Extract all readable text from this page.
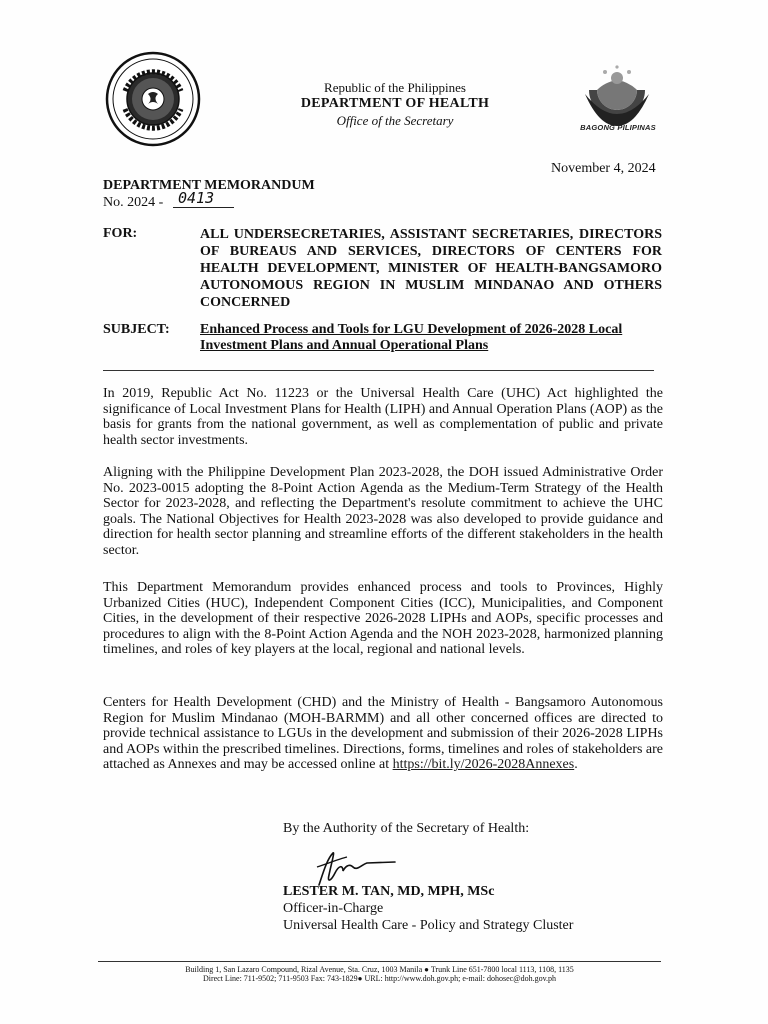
BAGONG PILIPINAS
Republic of the Philippines
DEPARTMENT OF HEALTH
Office of the Secretary
November 4, 2024
DEPARTMENT MEMORANDUM
No. 2024 - 0413
FOR:	ALL UNDERSECRETARIES, ASSISTANT SECRETARIES, DIRECTORS OF BUREAUS AND SERVICES, DIRECTORS OF CENTERS FOR HEALTH DEVELOPMENT, MINISTER OF HEALTH-BANGSAMORO AUTONOMOUS REGION IN MUSLIM MINDANAO AND OTHERS CONCERNED
SUBJECT: Enhanced Process and Tools for LGU Development of 2026-2028 Local Investment Plans and Annual Operational Plans
In 2019, Republic Act No. 11223 or the Universal Health Care (UHC) Act highlighted the significance of Local Investment Plans for Health (LIPH) and Annual Operation Plans (AOP) as the basis for grants from the national government, as well as complementation of public and private health sector investments.
Aligning with the Philippine Development Plan 2023-2028, the DOH issued Administrative Order No. 2023-0015 adopting the 8-Point Action Agenda as the Medium-Term Strategy of the Health Sector for 2023-2028, and reflecting the Department's resolute commitment to achieve the UHC goals. The National Objectives for Health 2023-2028 was also developed to provide guidance and direction for health sector planning and streamline efforts of the different stakeholders in the health sector.
This Department Memorandum provides enhanced process and tools to Provinces, Highly Urbanized Cities (HUC), Independent Component Cities (ICC), Municipalities, and Component Cities, in the development of their respective 2026-2028 LIPHs and AOPs, specific processes and procedures to align with the 8-Point Action Agenda and the NOH 2023-2028, harmonized planning timelines, and roles of key players at the local, regional and national levels.
Centers for Health Development (CHD) and the Ministry of Health - Bangsamoro Autonomous Region for Muslim Mindanao (MOH-BARMM) and all other concerned offices are directed to provide technical assistance to LGUs in the development and submission of their 2026-2028 LIPHs and AOPs within the prescribed timelines. Directions, forms, timelines and roles of stakeholders are attached as Annexes and may be accessed online at https://bit.ly/2026-2028Annexes.
By the Authority of the Secretary of Health:
LESTER M. TAN, MD, MPH, MSc
Officer-in-Charge
Universal Health Care - Policy and Strategy Cluster
Building 1, San Lazaro Compound, Rizal Avenue, Sta. Cruz, 1003 Manila ● Trunk Line 651-7800 local 1113, 1108, 1135
Direct Line: 711-9502; 711-9503 Fax: 743-1829● URL: http://www.doh.gov.ph; e-mail: dohosec@doh.gov.ph
